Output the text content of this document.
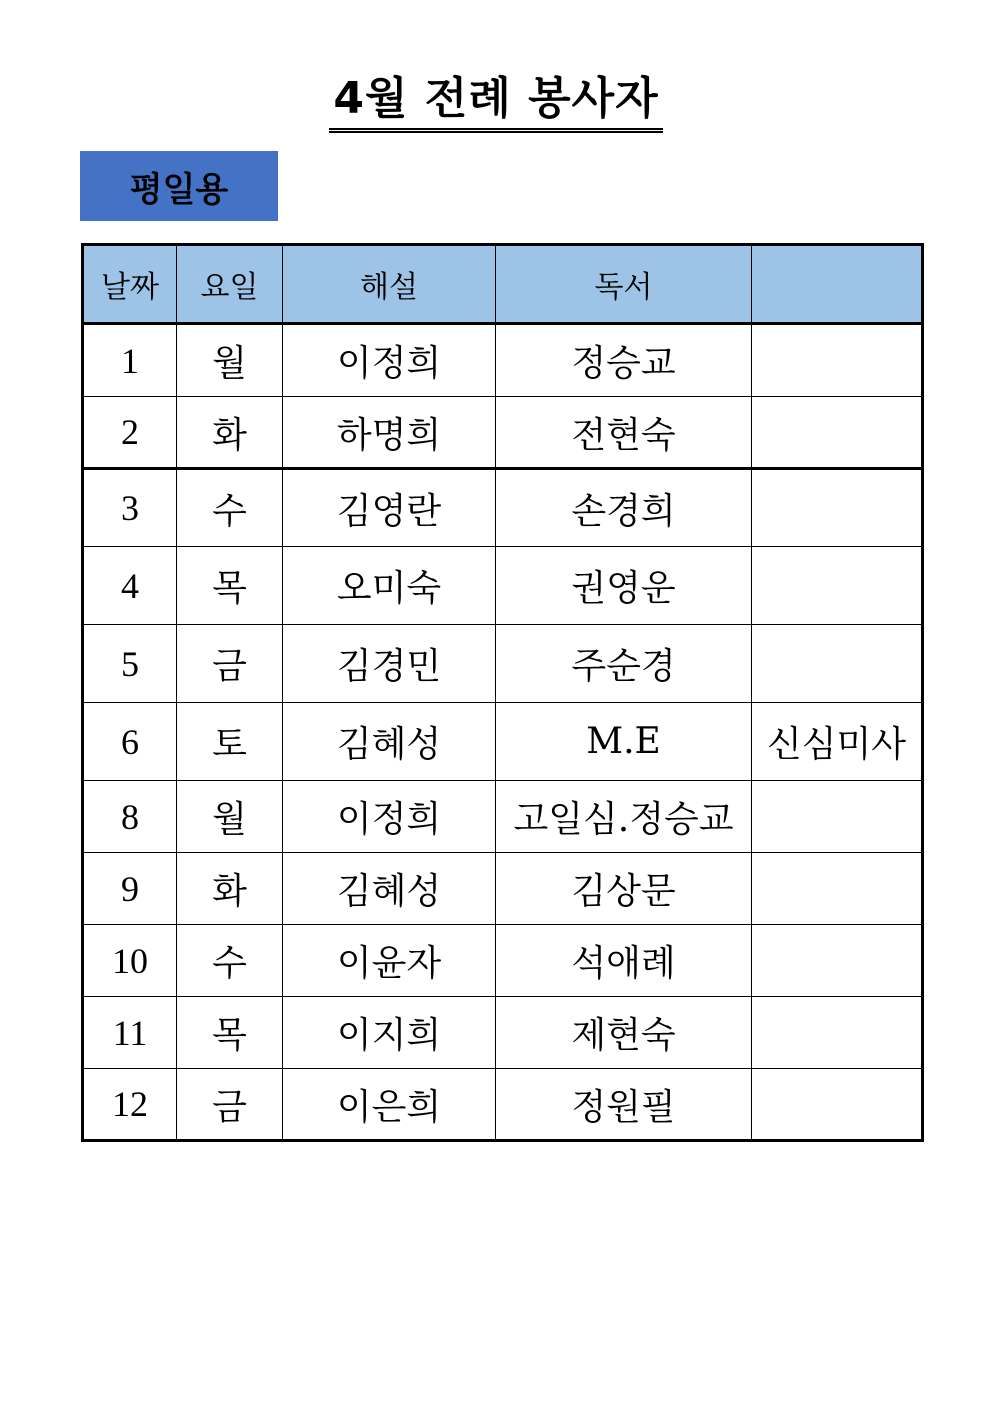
4월 전례 봉사자
평일용
날짜	요일	해설	독서	
1	월	이정희	정승교	
2	화	하명희	전현숙	
3	수	김영란	손경희	
4	목	오미숙	권영운	
5	금	김경민	주순경	
6	토	김혜성	M.E	신심미사
8	월	이정희	고일심.정승교	
9	화	김혜성	김상문	
10	수	이윤자	석애례	
11	목	이지희	제현숙	
12	금	이은희	정원필	
